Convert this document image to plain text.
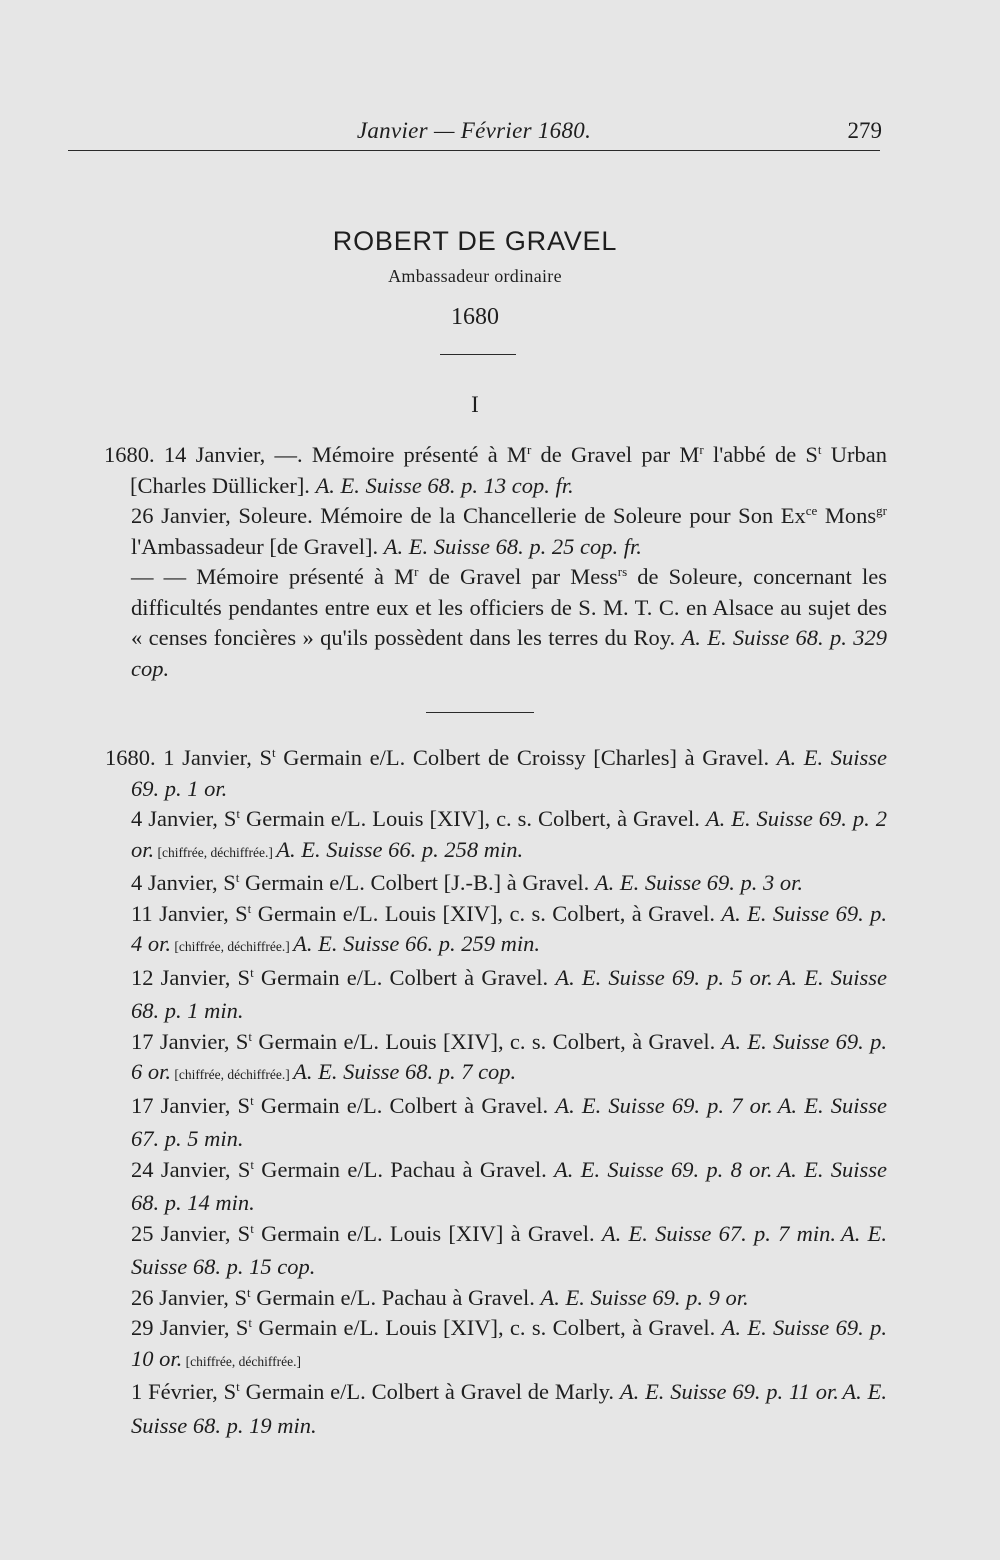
Janvier — Février 1680.	279
ROBERT DE GRAVEL
Ambassadeur ordinaire
1680
I

1680. 14 Janvier, —. Mémoire présenté à $M^r$ de Gravel par $M^r$ l'abbé de $S^t$ Urban [Charles Düllicker]. A. E. Suisse 68. p. 13 cop. fr.

26 Janvier, Soleure. Mémoire de la Chancellerie de Soleure pour Son $Ex^{ce}$ Mons$^{gr}$ l'Ambassadeur [de Gravel]. A. E. Suisse 68. p. 25 cop. fr.

— — Mémoire présenté à $M^r$ de Gravel par Mess$^{rs}$ de Soleure, concernant les difficultés pendantes entre eux et les officiers de S. M. T. C. en Alsace au sujet des « censes foncières » qu'ils possèdent dans les terres du Roy. A. E. Suisse 68. p. 329 cop.

1680. 1 Janvier, $S^t$ Germain e/L. Colbert de Croissy [Charles] à Gravel. A. E. Suisse 69. p. 1 or.

4 Janvier, $S^t$ Germain e/L. Louis [XIV], c. s. Colbert, à Gravel. A. E. Suisse 69. p. 2 or. [chiffrée, déchiffrée.] A. E. Suisse 66. p. 258 min.

4 Janvier, $S^t$ Germain e/L. Colbert [J.-B.] à Gravel. A. E. Suisse 69. p. 3 or.

11 Janvier, $S^t$ Germain e/L. Louis [XIV], c. s. Colbert, à Gravel. A. E. Suisse 69. p. 4 or. [chiffrée, déchiffrée.] A. E. Suisse 66. p. 259 min.

12 Janvier, $S^t$ Germain e/L. Colbert à Gravel. A. E. Suisse 69. p. 5 or. A. E. Suisse 68. p. 1 min.

17 Janvier, $S^t$ Germain e/L. Louis [XIV], c. s. Colbert, à Gravel. A. E. Suisse 69. p. 6 or. [chiffrée, déchiffrée.] A. E. Suisse 68. p. 7 cop.

17 Janvier, $S^t$ Germain e/L. Colbert à Gravel. A. E. Suisse 69. p. 7 or. A. E. Suisse 67. p. 5 min.

24 Janvier, $S^t$ Germain e/L. Pachau à Gravel. A. E. Suisse 69. p. 8 or. A. E. Suisse 68. p. 14 min.

25 Janvier, $S^t$ Germain e/L. Louis [XIV] à Gravel. A. E. Suisse 67. p. 7 min. A. E. Suisse 68. p. 15 cop.

26 Janvier, $S^t$ Germain e/L. Pachau à Gravel. A. E. Suisse 69. p. 9 or.

29 Janvier, $S^t$ Germain e/L. Louis [XIV], c. s. Colbert, à Gravel. A. E. Suisse 69. p. 10 or. [chiffrée, déchiffrée.]

1 Février, $S^t$ Germain e/L. Colbert à Gravel de Marly. A. E. Suisse 69. p. 11 or. A. E. Suisse 68. p. 19 min.
